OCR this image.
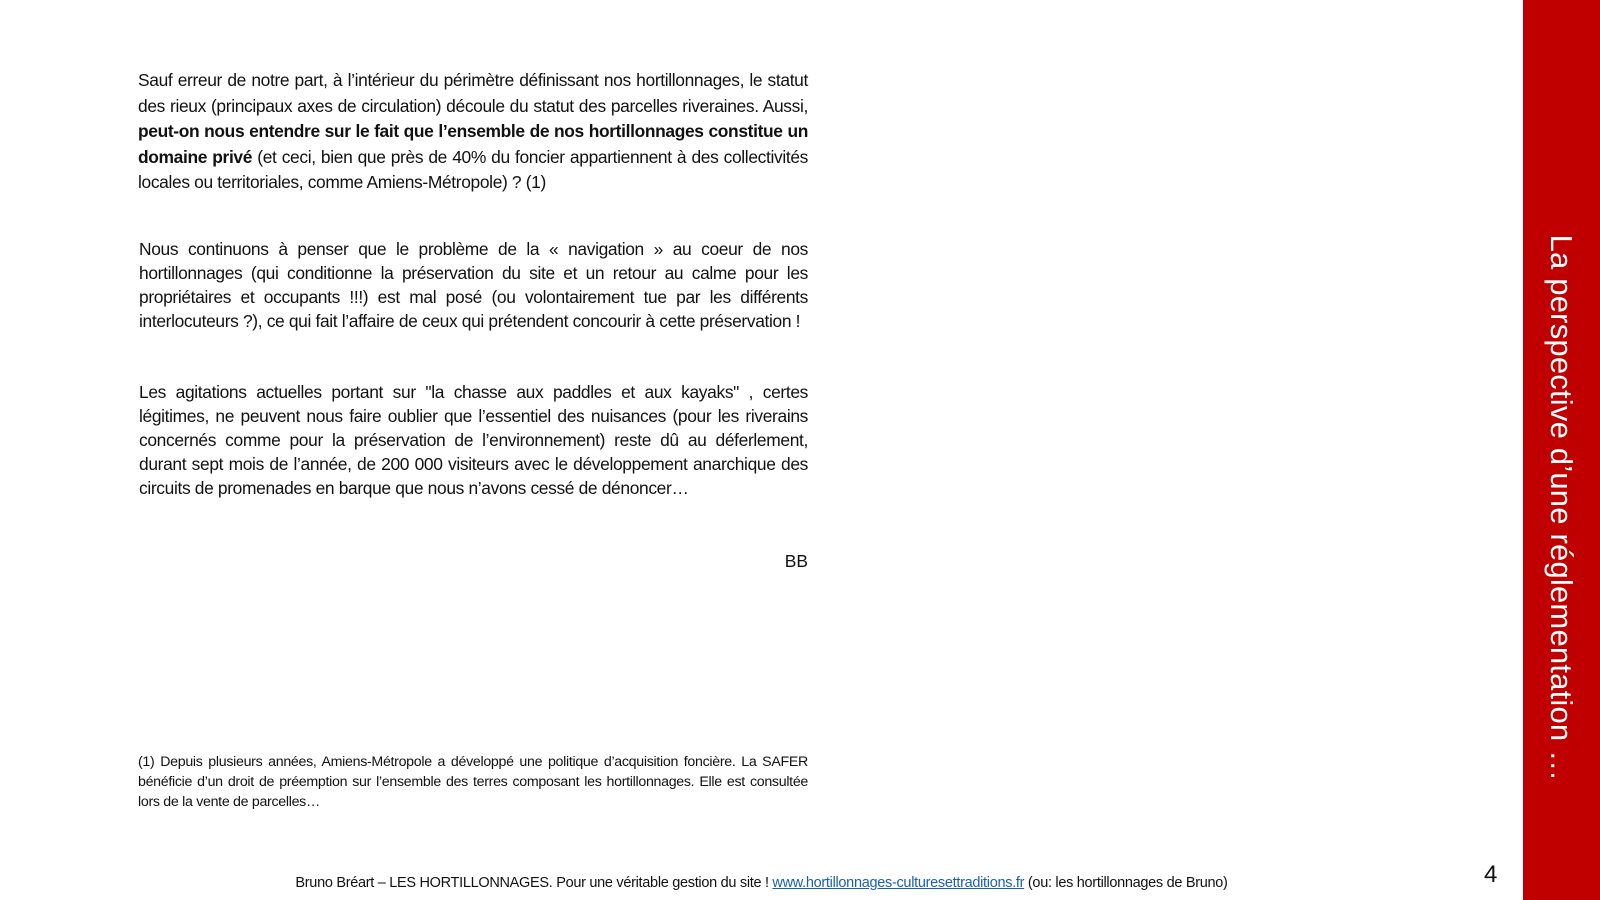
Sauf erreur de notre part, à l’intérieur du périmètre définissant nos hortillonnages, le statut des rieux (principaux axes de circulation) découle du statut des parcelles riveraines. Aussi, peut-on nous entendre sur le fait que l’ensemble de nos hortillonnages constitue un domaine privé (et ceci, bien que près de 40% du foncier appartiennent à des collectivités locales ou territoriales, comme Amiens-Métropole) ? (1)

Nous continuons à penser que le problème de la « navigation » au coeur de nos hortillonnages (qui conditionne la préservation du site et un retour au calme pour les propriétaires et occupants !!!) est mal posé (ou volontairement tue par les différents interlocuteurs ?), ce qui fait l’affaire de ceux qui prétendent concourir à cette préservation !

Les agitations actuelles portant sur "la chasse aux paddles et aux kayaks" , certes légitimes, ne peuvent nous faire oublier que l’essentiel des nuisances (pour les riverains concernés comme pour la préservation de l’environnement) reste dû au déferlement, durant sept mois de l’année, de 200 000 visiteurs avec le développement anarchique des circuits de promenades en barque que nous n’avons cessé de dénoncer…

BB

(1) Depuis plusieurs années, Amiens-Métropole a développé une politique d’acquisition foncière. La SAFER bénéficie d’un droit de préemption sur l’ensemble des terres composant les hortillonnages. Elle est consultée lors de la vente de parcelles…

Bruno Bréart – LES HORTILLONNAGES. Pour une véritable gestion du site ! www.hortillonnages-culturesettraditions.fr (ou: les hortillonnages de Bruno)	4
La perspective d’une réglementation …
